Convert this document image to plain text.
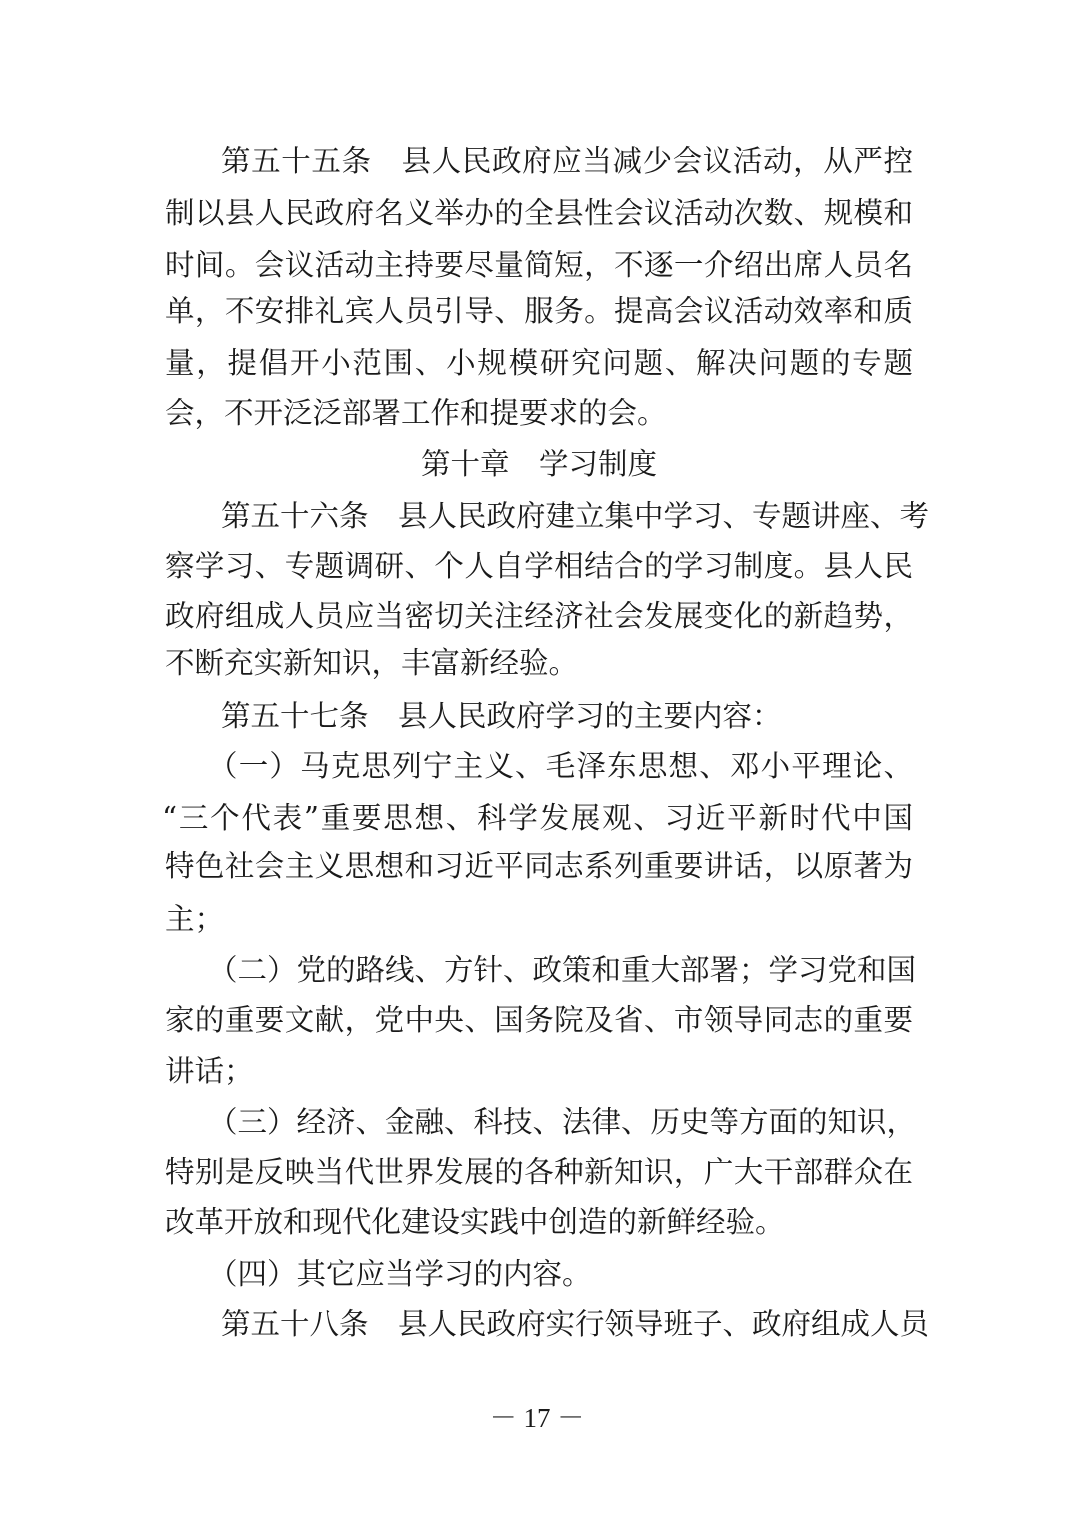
第五十五条　县人民政府应当减少会议活动，从严控
制以县人民政府名义举办的全县性会议活动次数、规模和
时间。会议活动主持要尽量简短，不逐一介绍出席人员名
单，不安排礼宾人员引导、服务。提高会议活动效率和质
量，提倡开小范围、小规模研究问题、解决问题的专题
会，不开泛泛部署工作和提要求的会。
第十章　学习制度
第五十六条　县人民政府建立集中学习、专题讲座、考
察学习、专题调研、个人自学相结合的学习制度。县人民
政府组成人员应当密切关注经济社会发展变化的新趋势，
不断充实新知识，丰富新经验。
第五十七条　县人民政府学习的主要内容：
（一）马克思列宁主义、毛泽东思想、邓小平理论、
“三个代表”重要思想、科学发展观、习近平新时代中国
特色社会主义思想和习近平同志系列重要讲话，以原著为
主；
（二）党的路线、方针、政策和重大部署；学习党和国
家的重要文献，党中央、国务院及省、市领导同志的重要
讲话；
（三）经济、金融、科技、法律、历史等方面的知识，
特别是反映当代世界发展的各种新知识，广大干部群众在
改革开放和现代化建设实践中创造的新鲜经验。
（四）其它应当学习的内容。
第五十八条　县人民政府实行领导班子、政府组成人员
－ 17 －
